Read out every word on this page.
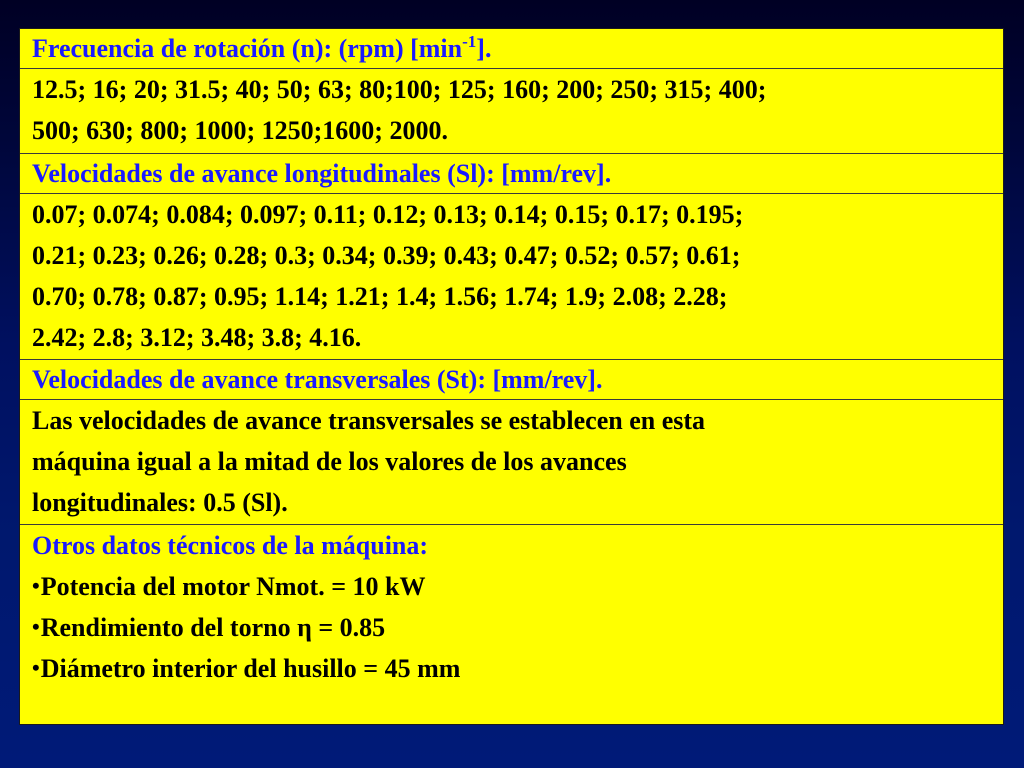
Frecuencia de rotación (n): (rpm) $[\min^{-1}]$.
12.5; 16; 20; 31.5; 40; 50; 63; 80;100; 125; 160; 200; 250; 315; 400;
500; 630; 800; 1000; 1250;1600; 2000.
Velocidades de avance longitudinales (Sl): [mm/rev].
0.07; 0.074; 0.084; 0.097; 0.11; 0.12; 0.13; 0.14; 0.15; 0.17; 0.195;
0.21; 0.23; 0.26; 0.28; 0.3; 0.34; 0.39; 0.43; 0.47; 0.52; 0.57; 0.61;
0.70; 0.78; 0.87; 0.95; 1.14; 1.21; 1.4; 1.56; 1.74; 1.9; 2.08; 2.28;
2.42; 2.8; 3.12; 3.48; 3.8; 4.16.
Velocidades de avance transversales (St): [mm/rev].
Las velocidades de avance transversales se establecen en esta
máquina igual a la mitad de los valores de los avances
longitudinales: 0.5 (Sl).
Otros datos técnicos de la máquina:
•Potencia del motor Nmot. = 10 kW
•Rendimiento del torno η = 0.85
•Diámetro interior del husillo = 45 mm
